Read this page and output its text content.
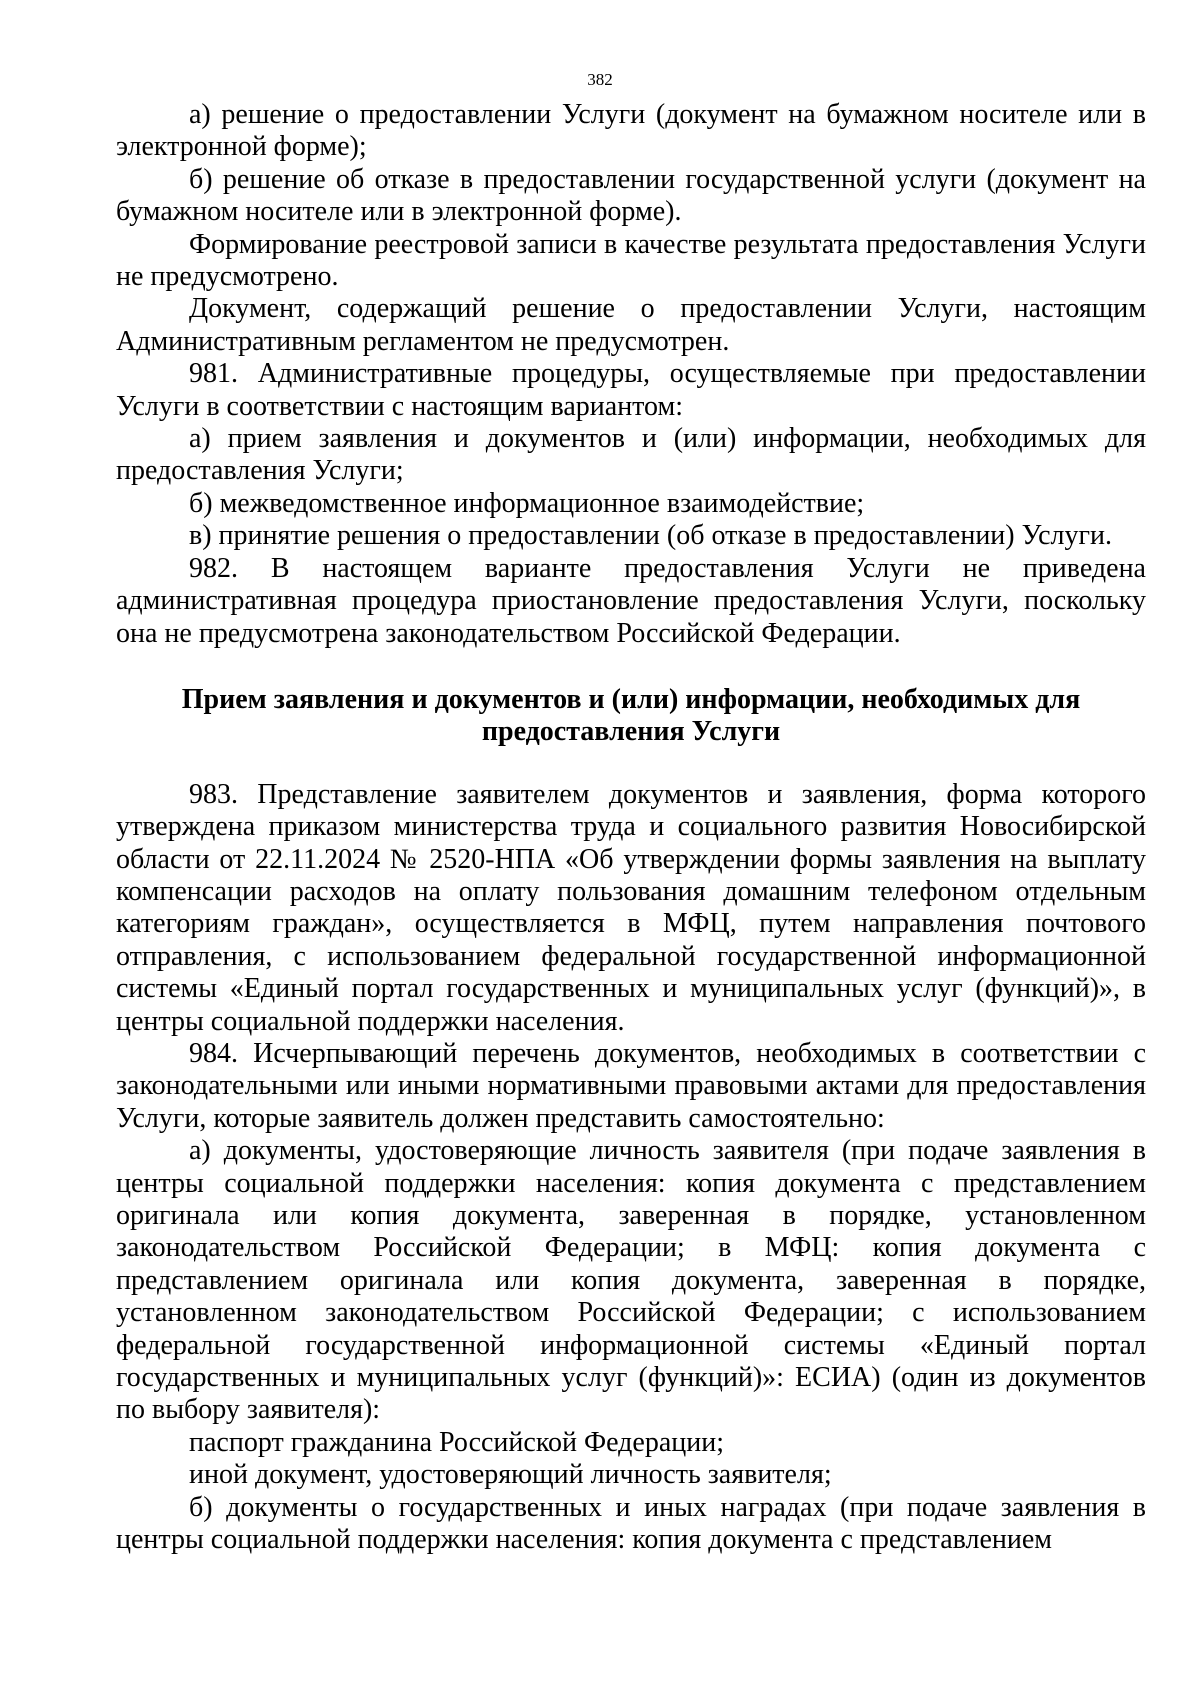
382

а) решение о предоставлении Услуги (документ на бумажном носителе или в электронной форме);

б) решение об отказе в предоставлении государственной услуги (документ на бумажном носителе или в электронной форме).

Формирование реестровой записи в качестве результата предоставления Услуги не предусмотрено.

Документ, содержащий решение о предоставлении Услуги, настоящим Административным регламентом не предусмотрен.

981. Административные процедуры, осуществляемые при предоставлении Услуги в соответствии с настоящим вариантом:

а) прием заявления и документов и (или) информации, необходимых для предоставления Услуги;

б) межведомственное информационное взаимодействие;

в) принятие решения о предоставлении (об отказе в предоставлении) Услуги.

982. В настоящем варианте предоставления Услуги не приведена административная процедура приостановление предоставления Услуги, поскольку она не предусмотрена законодательством Российской Федерации.

Прием заявления и документов и (или) информации, необходимых для
предоставления Услуги

983. Представление заявителем документов и заявления, форма которого утверждена приказом министерства труда и социального развития Новосибирской области от 22.11.2024 № 2520-НПА «Об утверждении формы заявления на выплату компенсации расходов на оплату пользования домашним телефоном отдельным категориям граждан», осуществляется в МФЦ, путем направления почтового отправления, с использованием федеральной государственной информационной системы «Единый портал государственных и муниципальных услуг (функций)», в центры социальной поддержки населения.

984. Исчерпывающий перечень документов, необходимых в соответствии с законодательными или иными нормативными правовыми актами для предоставления Услуги, которые заявитель должен представить самостоятельно:

а) документы, удостоверяющие личность заявителя (при подаче заявления в центры социальной поддержки населения: копия документа с представлением оригинала или копия документа, заверенная в порядке, установленном законодательством Российской Федерации; в МФЦ: копия документа с представлением оригинала или копия документа, заверенная в порядке, установленном законодательством Российской Федерации; с использованием федеральной государственной информационной системы «Единый портал государственных и муниципальных услуг (функций)»: ЕСИА) (один из документов по выбору заявителя):

паспорт гражданина Российской Федерации;

иной документ, удостоверяющий личность заявителя;

б) документы о государственных и иных наградах (при подаче заявления в центры социальной поддержки населения: копия документа с представлением
